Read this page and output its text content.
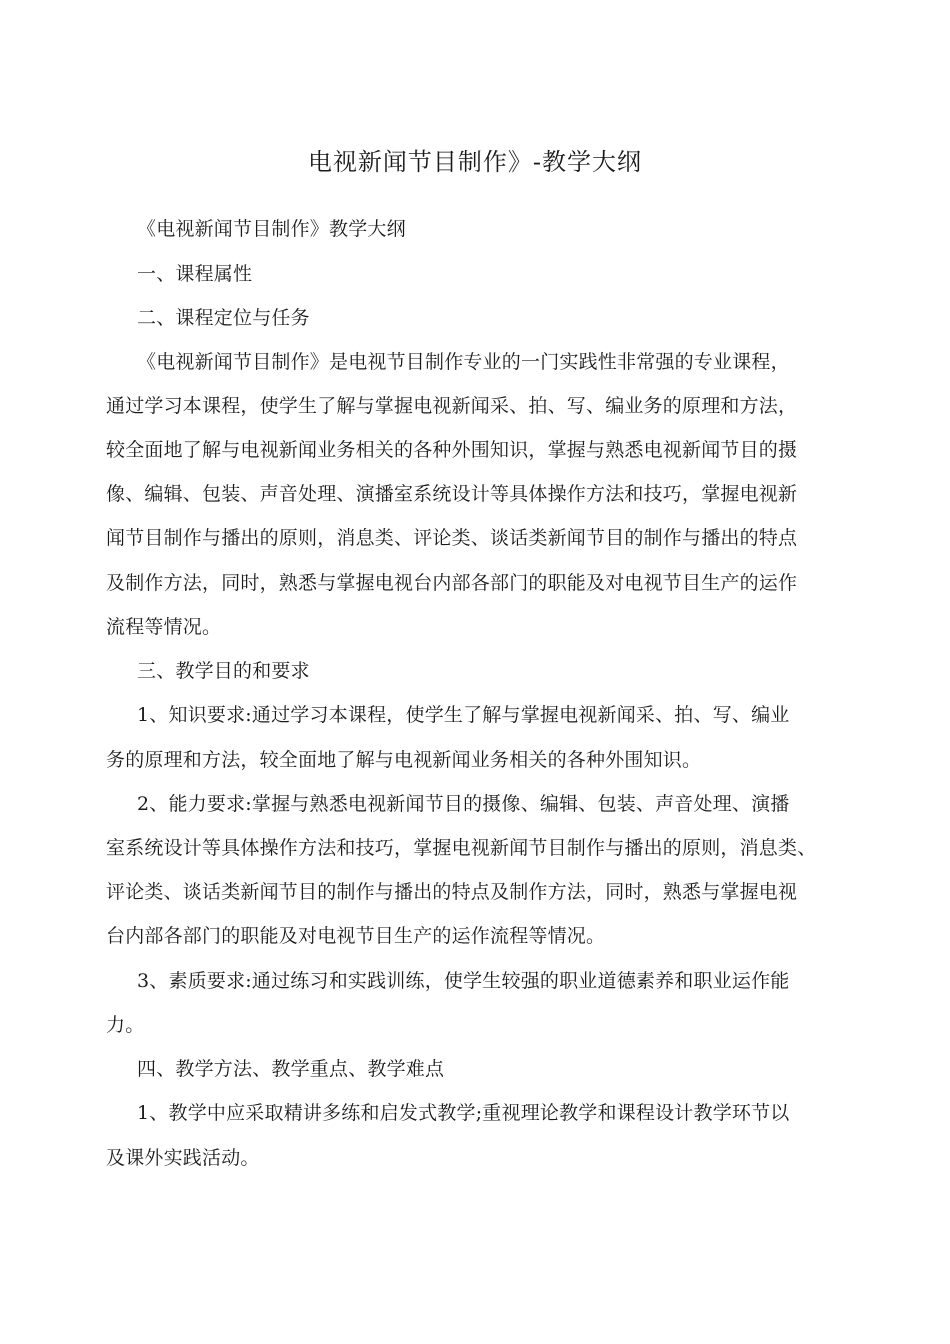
电视新闻节目制作》-教学大纲
《电视新闻节目制作》教学大纲
一、课程属性
二、课程定位与任务
《电视新闻节目制作》是电视节目制作专业的一门实践性非常强的专业课程，
通过学习本课程，使学生了解与掌握电视新闻采、拍、写、编业务的原理和方法，
较全面地了解与电视新闻业务相关的各种外围知识，掌握与熟悉电视新闻节目的摄
像、编辑、包装、声音处理、演播室系统设计等具体操作方法和技巧，掌握电视新
闻节目制作与播出的原则，消息类、评论类、谈话类新闻节目的制作与播出的特点
及制作方法，同时，熟悉与掌握电视台内部各部门的职能及对电视节目生产的运作
流程等情况。
三、教学目的和要求
1、知识要求:通过学习本课程，使学生了解与掌握电视新闻采、拍、写、编业
务的原理和方法，较全面地了解与电视新闻业务相关的各种外围知识。
2、能力要求:掌握与熟悉电视新闻节目的摄像、编辑、包装、声音处理、演播
室系统设计等具体操作方法和技巧，掌握电视新闻节目制作与播出的原则，消息类、
评论类、谈话类新闻节目的制作与播出的特点及制作方法，同时，熟悉与掌握电视
台内部各部门的职能及对电视节目生产的运作流程等情况。
3、素质要求:通过练习和实践训练，使学生较强的职业道德素养和职业运作能
力。
四、教学方法、教学重点、教学难点
1、教学中应采取精讲多练和启发式教学;重视理论教学和课程设计教学环节以
及课外实践活动。
